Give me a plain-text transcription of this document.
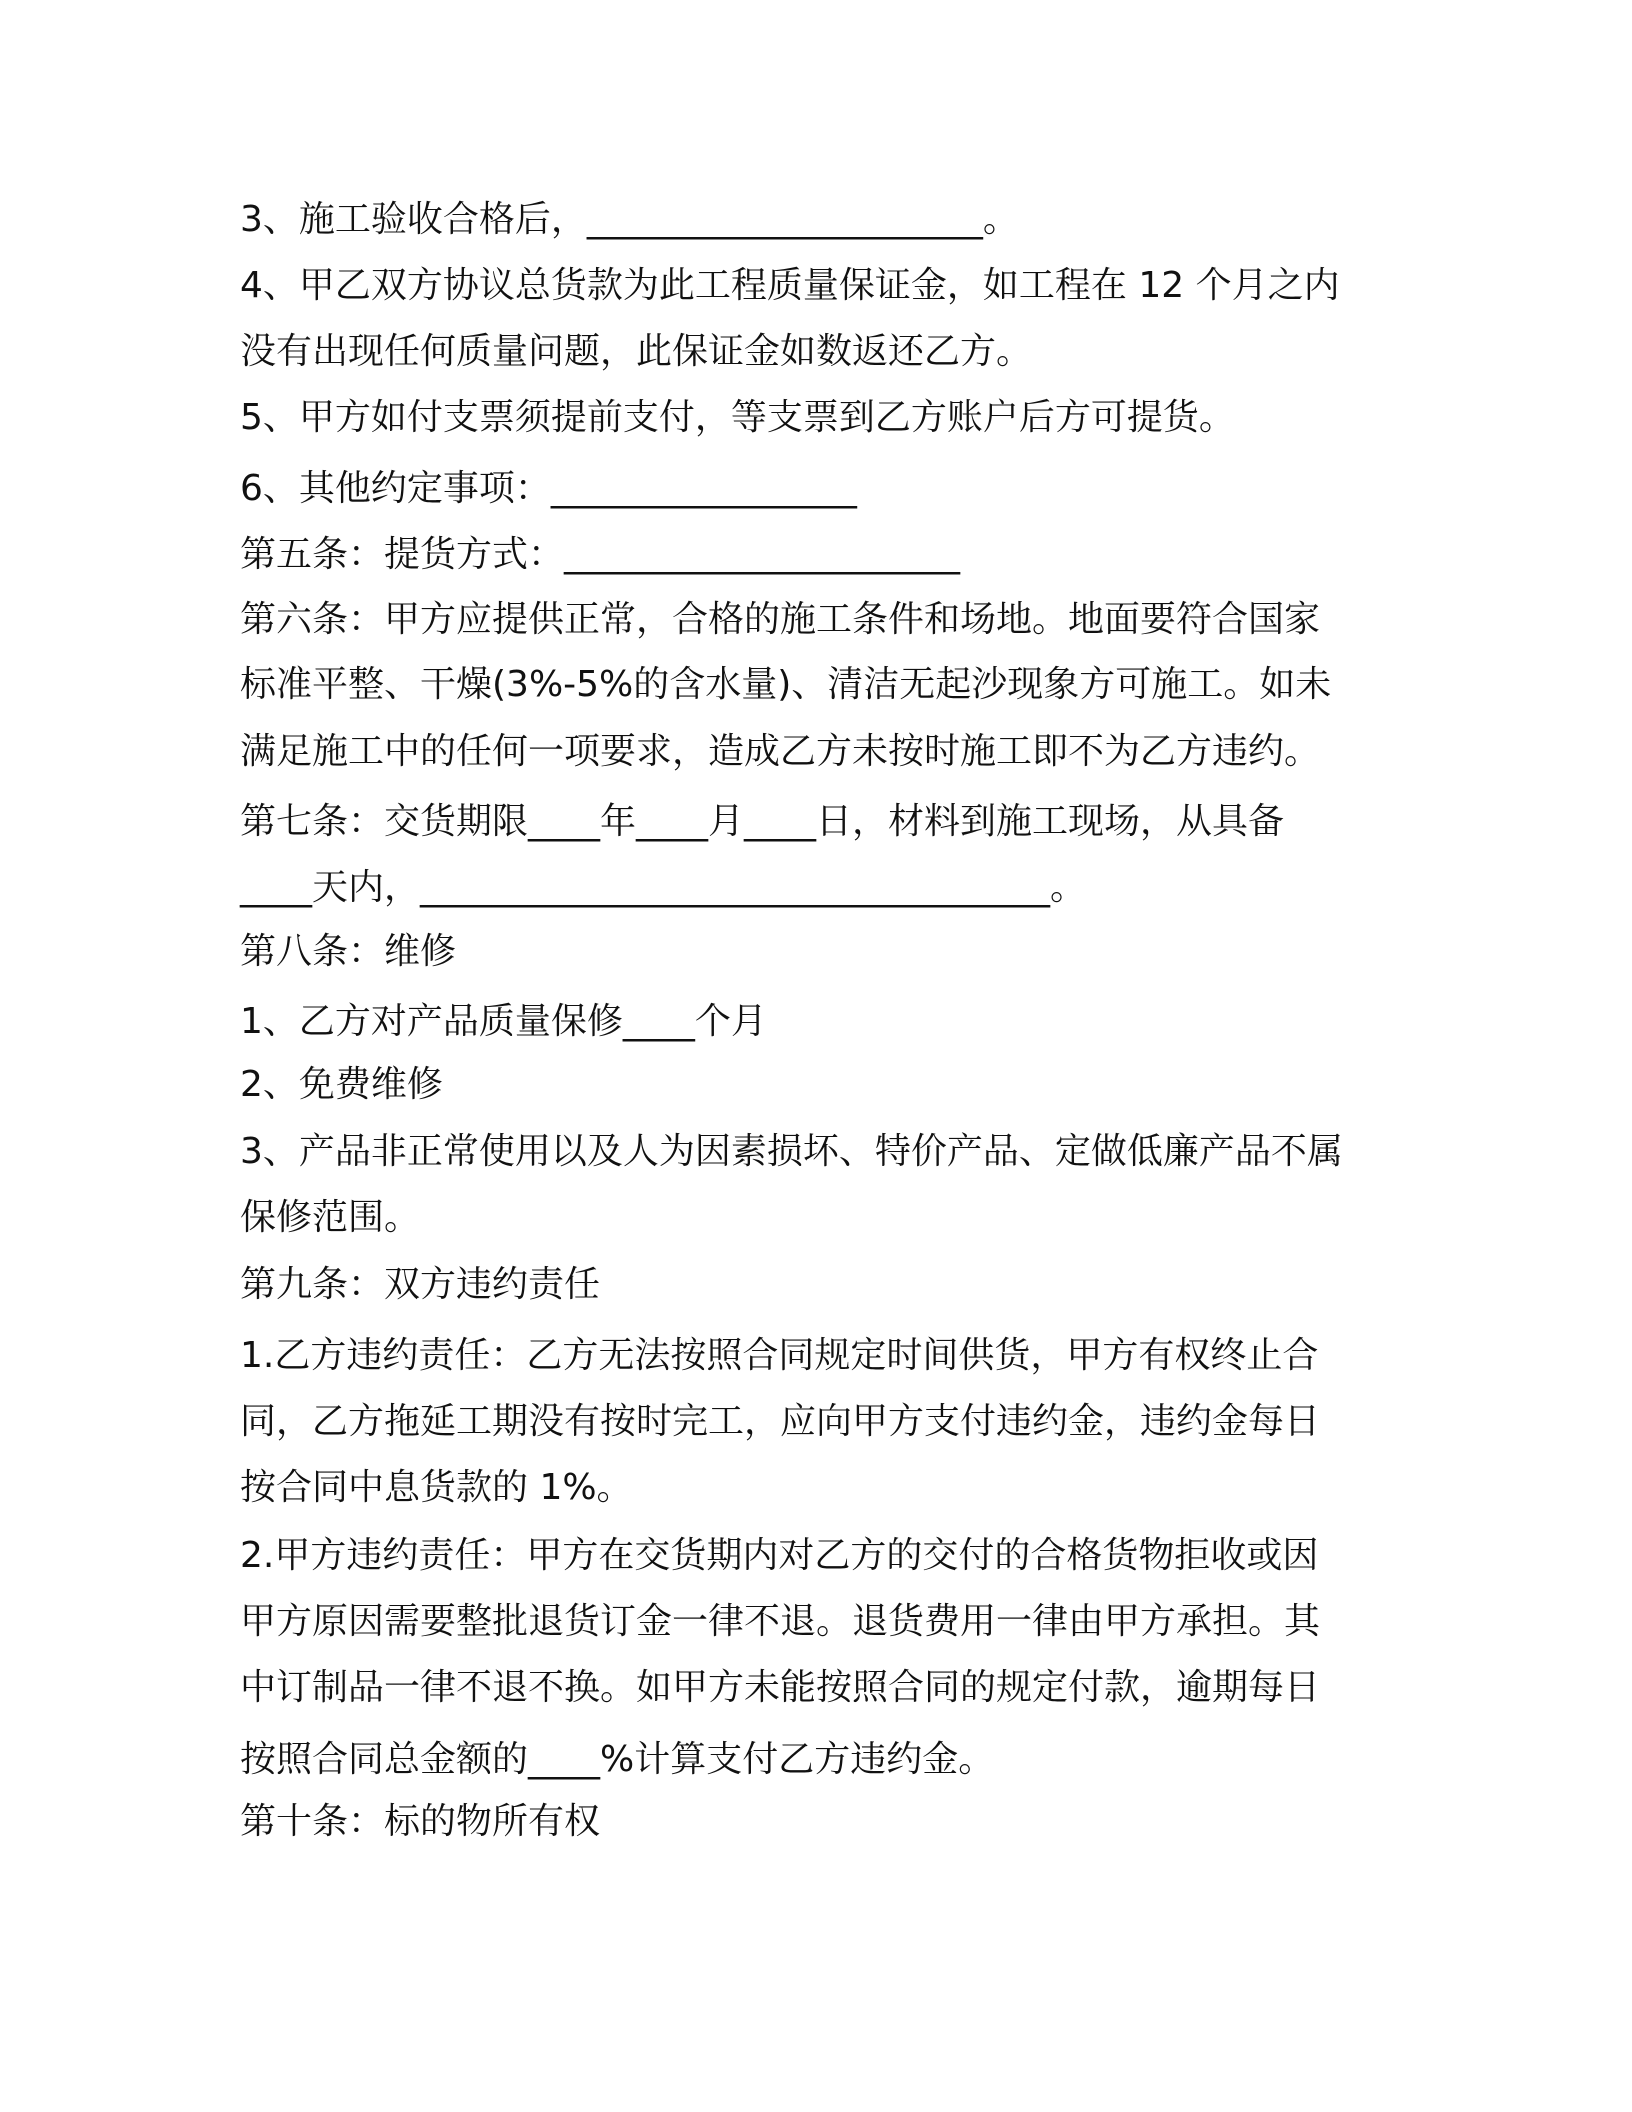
3、施工验收合格后，______________________。
4、甲乙双方协议总货款为此工程质量保证金，如工程在 12 个月之内
没有出现任何质量问题，此保证金如数返还乙方。
5、甲方如付支票须提前支付，等支票到乙方账户后方可提货。
6、其他约定事项：_________________
第五条：提货方式：______________________
第六条：甲方应提供正常，合格的施工条件和场地。地面要符合国家
标准平整、干燥(3%-5%的含水量)、清洁无起沙现象方可施工。如未
满足施工中的任何一项要求，造成乙方未按时施工即不为乙方违约。
第七条：交货期限____年____月____日，材料到施工现场，从具备
____天内，___________________________________。
第八条：维修
1、乙方对产品质量保修____个月
2、免费维修
3、产品非正常使用以及人为因素损坏、特价产品、定做低廉产品不属
保修范围。
第九条：双方违约责任
1.乙方违约责任：乙方无法按照合同规定时间供货，甲方有权终止合
同，乙方拖延工期没有按时完工，应向甲方支付违约金，违约金每日
按合同中息货款的 1%。
2.甲方违约责任：甲方在交货期内对乙方的交付的合格货物拒收或因
甲方原因需要整批退货订金一律不退。退货费用一律由甲方承担。其
中订制品一律不退不换。如甲方未能按照合同的规定付款，逾期每日
按照合同总金额的____%计算支付乙方违约金。
第十条：标的物所有权
